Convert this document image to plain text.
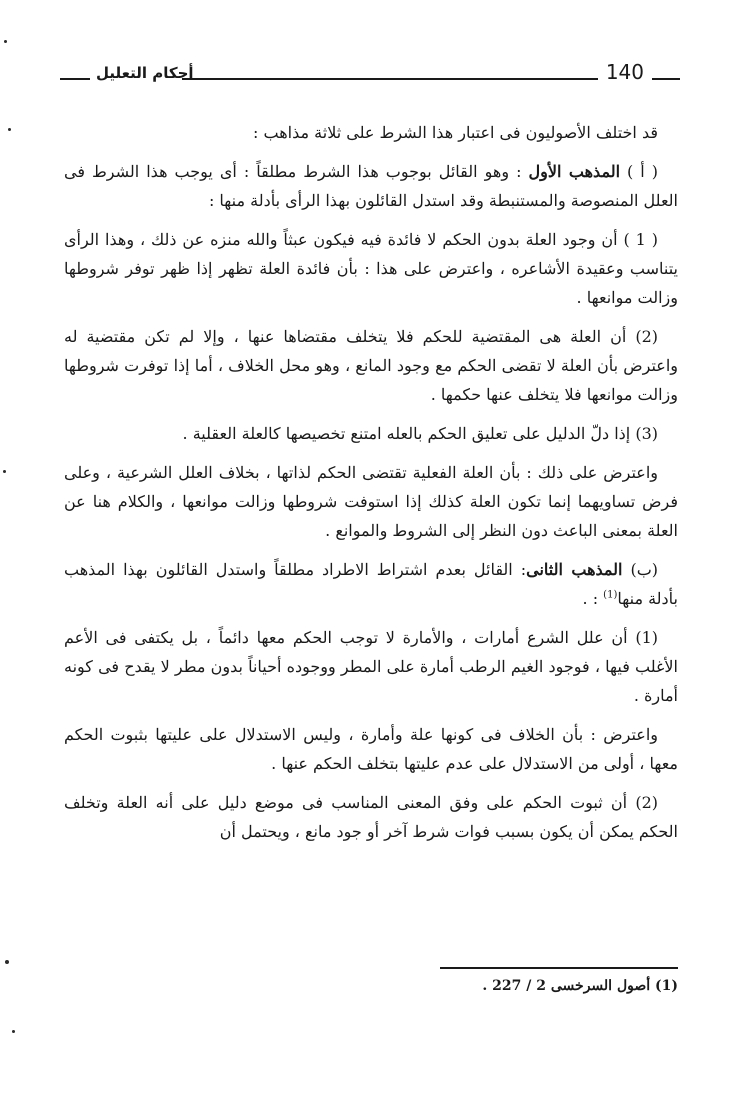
أحكام التعليل	140

قد اختلف الأصوليون فى اعتبار هذا الشرط على ثلاثة مذاهب :

( أ ) المذهب الأول : وهو القائل بوجوب هذا الشرط مطلقاً : أى يوجب هذا الشرط فى العلل المنصوصة والمستنبطة وقد استدل القائلون بهذا الرأى بأدلة منها :

( 1 ) أن وجود العلة بدون الحكم لا فائدة فيه فيكون عبثاً والله منزه عن ذلك ، وهذا الرأى يتناسب وعقيدة الأشاعره ، واعترض على هذا : بأن فائدة العلة تظهر إذا ظهر توفر شروطها وزالت موانعها .

(2) أن العلة هى المقتضية للحكم فلا يتخلف مقتضاها عنها ، وإلا لم تكن مقتضية له واعترض بأن العلة لا تقضى الحكم مع وجود المانع ، وهو محل الخلاف ، أما إذا توفرت شروطها وزالت موانعها فلا يتخلف عنها حكمها .

(3) إذا دلّ الدليل على تعليق الحكم بالعله امتنع تخصيصها كالعلة العقلية .

واعترض على ذلك : بأن العلة الفعلية تقتضى الحكم لذاتها ، بخلاف العلل الشرعية ، وعلى فرض تساويهما إنما تكون العلة كذلك إذا استوفت شروطها وزالت موانعها ، والكلام هنا عن العلة بمعنى الباعث دون النظر إلى الشروط والموانع .

(ب) المذهب الثانى: القائل بعدم اشتراط الاطراد مطلقاً واستدل القائلون بهذا المذهب بأدلة منها$^{(1)}$ : .

(1) أن علل الشرع أمارات ، والأمارة لا توجب الحكم معها دائماً ، بل يكتفى فى الأعم الأغلب فيها ، فوجود الغيم الرطب أمارة على المطر ووجوده أحياناً بدون مطر لا يقدح فى كونه أمارة .

واعترض : بأن الخلاف فى كونها علة وأمارة ، وليس الاستدلال على عليتها بثبوت الحكم معها ، أولى من الاستدلال على عدم عليتها بتخلف الحكم عنها .

(2) أن ثبوت الحكم على وفق المعنى المناسب فى موضع دليل على أنه العلة وتخلف الحكم يمكن أن يكون بسبب فوات شرط آخر أو جود مانع ، ويحتمل أن

(1) أصول السرخسى 2 / 227 .
